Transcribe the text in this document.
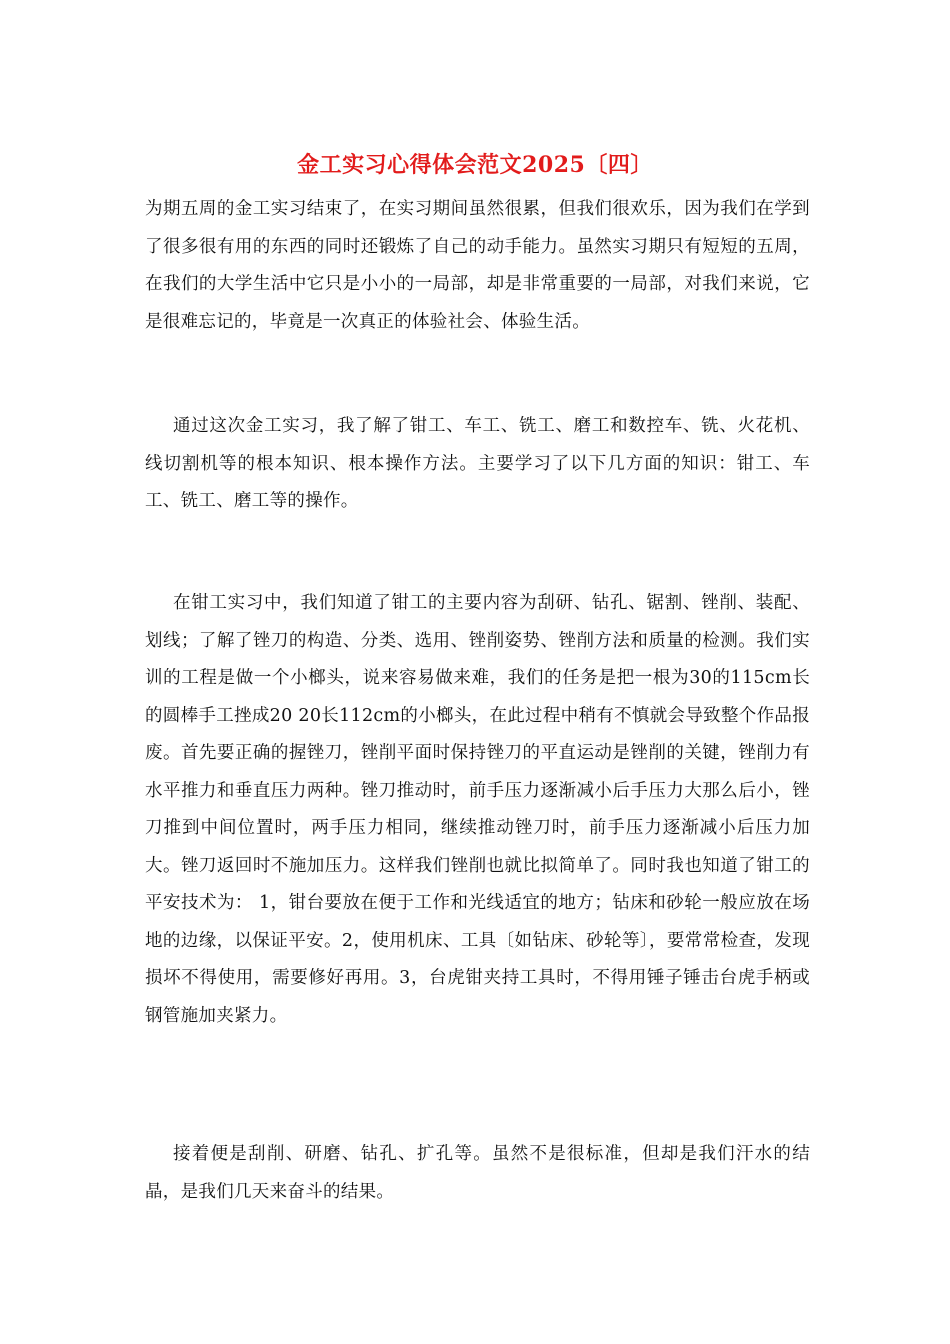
金工实习心得体会范文2025〔四〕

为期五周的金工实习结束了，在实习期间虽然很累，但我们很欢乐，因为我们在学到了很多很有用的东西的同时还锻炼了自己的动手能力。虽然实习期只有短短的五周，在我们的大学生活中它只是小小的一局部，却是非常重要的一局部，对我们来说，它是很难忘记的，毕竟是一次真正的体验社会、体验生活。

通过这次金工实习，我了解了钳工、车工、铣工、磨工和数控车、铣、火花机、线切割机等的根本知识、根本操作方法。主要学习了以下几方面的知识：钳工、车工、铣工、磨工等的操作。

在钳工实习中，我们知道了钳工的主要内容为刮研、钻孔、锯割、锉削、装配、划线；了解了锉刀的构造、分类、选用、锉削姿势、锉削方法和质量的检测。我们实训的工程是做一个小榔头，说来容易做来难，我们的任务是把一根为30的115cm长的圆棒手工挫成20 20长112cm的小榔头，在此过程中稍有不慎就会导致整个作品报废。首先要正确的握锉刀，锉削平面时保持锉刀的平直运动是锉削的关键，锉削力有水平推力和垂直压力两种。锉刀推动时，前手压力逐渐减小后手压力大那么后小，锉刀推到中间位置时，两手压力相同，继续推动锉刀时，前手压力逐渐减小后压力加大。锉刀返回时不施加压力。这样我们锉削也就比拟简单了。同时我也知道了钳工的平安技术为： 1，钳台要放在便于工作和光线适宜的地方；钻床和砂轮一般应放在场地的边缘，以保证平安。2，使用机床、工具〔如钻床、砂轮等〕，要常常检查，发现损坏不得使用，需要修好再用。3，台虎钳夹持工具时，不得用锤子锤击台虎手柄或钢管施加夹紧力。

接着便是刮削、研磨、钻孔、扩孔等。虽然不是很标准，但却是我们汗水的结晶，是我们几天来奋斗的结果。
